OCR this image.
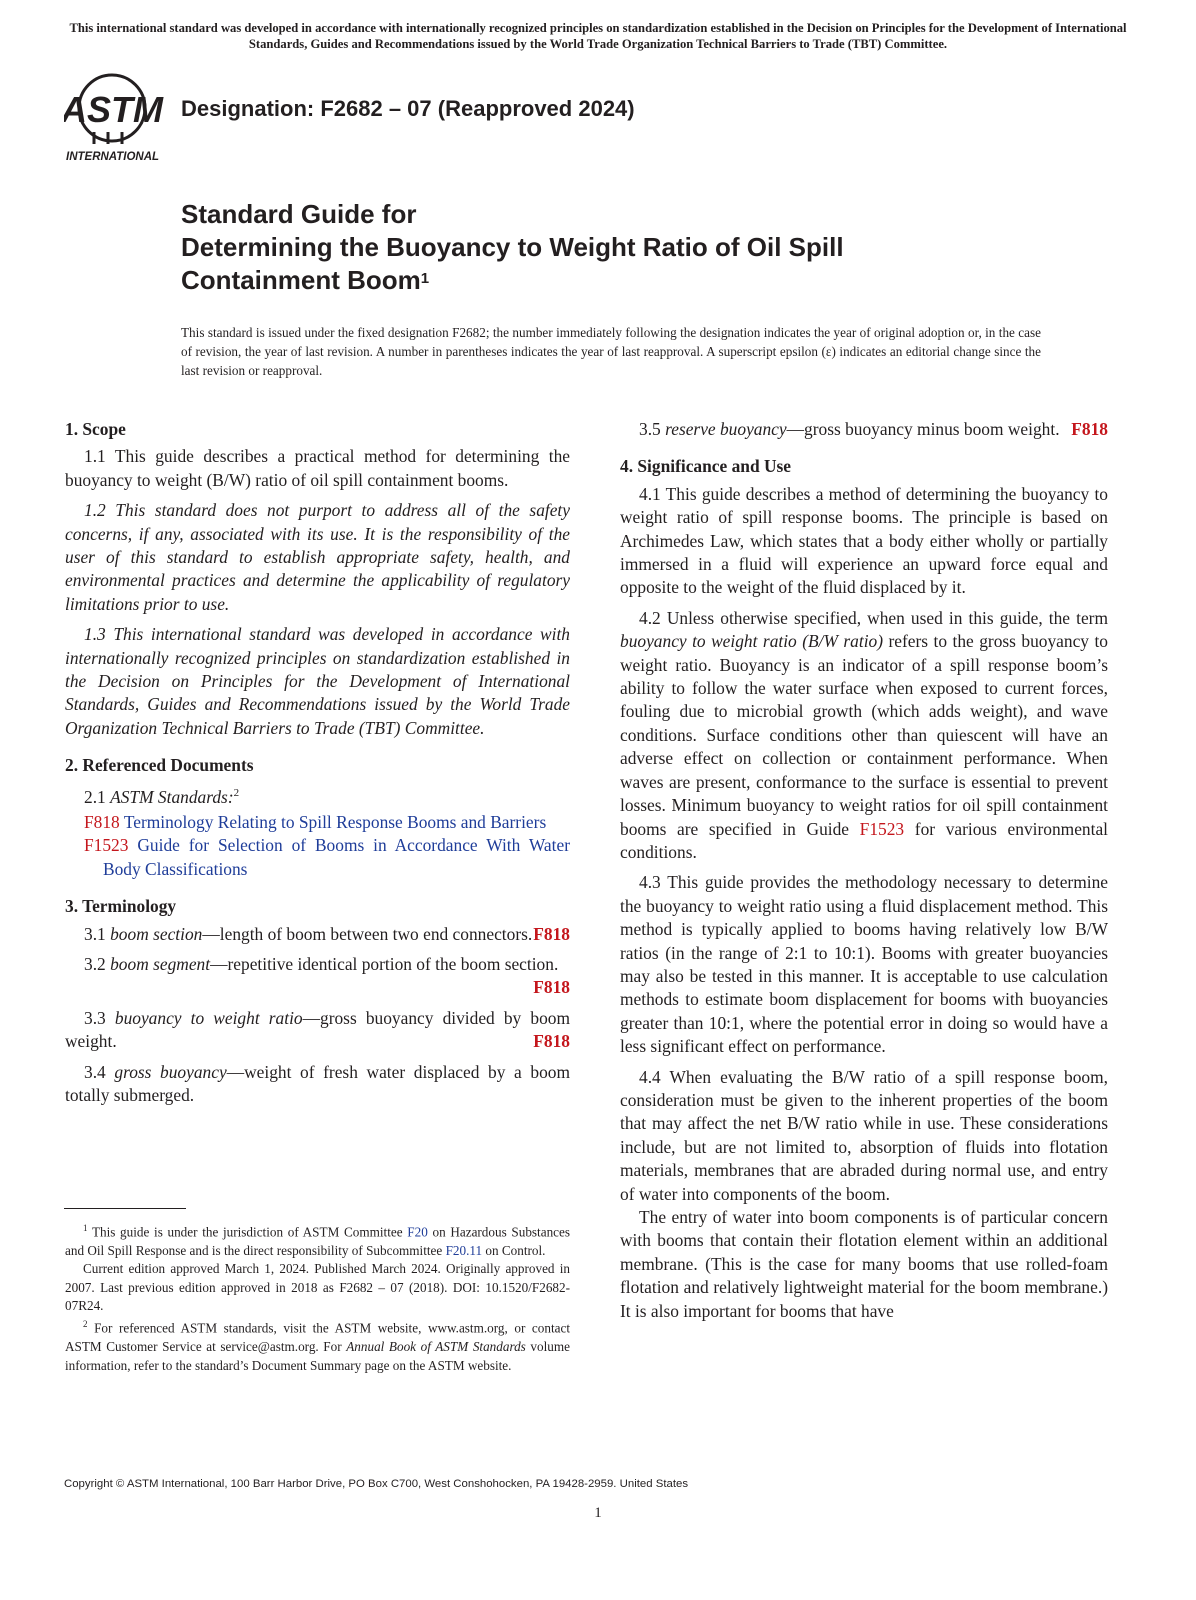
This international standard was developed in accordance with internationally recognized principles on standardization established in the Decision on Principles for the Development of International Standards, Guides and Recommendations issued by the World Trade Organization Technical Barriers to Trade (TBT) Committee.
ASTM
INTERNATIONAL
Designation: F2682 – 07 (Reapproved 2024)
Standard Guide for
Determining the Buoyancy to Weight Ratio of Oil Spill
Containment Boom$^1$
This standard is issued under the fixed designation F2682; the number immediately following the designation indicates the year of original adoption or, in the case of revision, the year of last revision. A number in parentheses indicates the year of last reapproval. A superscript epsilon (ε) indicates an editorial change since the last revision or reapproval.
1. Scope

1.1 This guide describes a practical method for determining the buoyancy to weight (B/W) ratio of oil spill containment booms.

1.2 This standard does not purport to address all of the safety concerns, if any, associated with its use. It is the responsibility of the user of this standard to establish appropriate safety, health, and environmental practices and determine the applicability of regulatory limitations prior to use.

1.3 This international standard was developed in accordance with internationally recognized principles on standardization established in the Decision on Principles for the Development of International Standards, Guides and Recommendations issued by the World Trade Organization Technical Barriers to Trade (TBT) Committee.

2. Referenced Documents

2.1 ASTM Standards:$^2$

F818 Terminology Relating to Spill Response Booms and Barriers
F1523 Guide for Selection of Booms in Accordance With Water Body Classifications
3. Terminology
3.1 boom section—length of boom between two end connectors. F818
3.2 boom segment—repetitive identical portion of the boom section.
F818
3.3 buoyancy to weight ratio—gross buoyancy divided by boom weight.	F818
3.4 gross buoyancy—weight of fresh water displaced by a boom totally submerged.

$^1$ This guide is under the jurisdiction of ASTM Committee F20 on Hazardous Substances and Oil Spill Response and is the direct responsibility of Subcommittee F20.11 on Control.

Current edition approved March 1, 2024. Published March 2024. Originally approved in 2007. Last previous edition approved in 2018 as F2682 – 07 (2018). DOI: 10.1520/F2682-07R24.

$^2$ For referenced ASTM standards, visit the ASTM website, www.astm.org, or contact ASTM Customer Service at service@astm.org. For Annual Book of ASTM Standards volume information, refer to the standard’s Document Summary page on the ASTM website.

3.5 reserve buoyancy—gross buoyancy minus boom weight. F818
4. Significance and Use

4.1 This guide describes a method of determining the buoyancy to weight ratio of spill response booms. The principle is based on Archimedes Law, which states that a body either wholly or partially immersed in a fluid will experience an upward force equal and opposite to the weight of the fluid displaced by it.

4.2 Unless otherwise specified, when used in this guide, the term buoyancy to weight ratio (B/W ratio) refers to the gross buoyancy to weight ratio. Buoyancy is an indicator of a spill response boom’s ability to follow the water surface when exposed to current forces, fouling due to microbial growth (which adds weight), and wave conditions. Surface conditions other than quiescent will have an adverse effect on collection or containment performance. When waves are present, conformance to the surface is essential to prevent losses. Minimum buoyancy to weight ratios for oil spill containment booms are specified in Guide F1523 for various environmental conditions.

4.3 This guide provides the methodology necessary to determine the buoyancy to weight ratio using a fluid displacement method. This method is typically applied to booms having relatively low B/W ratios (in the range of 2:1 to 10:1). Booms with greater buoyancies may also be tested in this manner. It is acceptable to use calculation methods to estimate boom displacement for booms with buoyancies greater than 10:1, where the potential error in doing so would have a less significant effect on performance.

4.4 When evaluating the B/W ratio of a spill response boom, consideration must be given to the inherent properties of the boom that may affect the net B/W ratio while in use. These considerations include, but are not limited to, absorption of fluids into flotation materials, membranes that are abraded during normal use, and entry of water into components of the boom.

The entry of water into boom components is of particular concern with booms that contain their flotation element within an additional membrane. (This is the case for many booms that use rolled-foam flotation and relatively lightweight material for the boom membrane.) It is also important for booms that have

Copyright © ASTM International, 100 Barr Harbor Drive, PO Box C700, West Conshohocken, PA 19428-2959. United States
1
